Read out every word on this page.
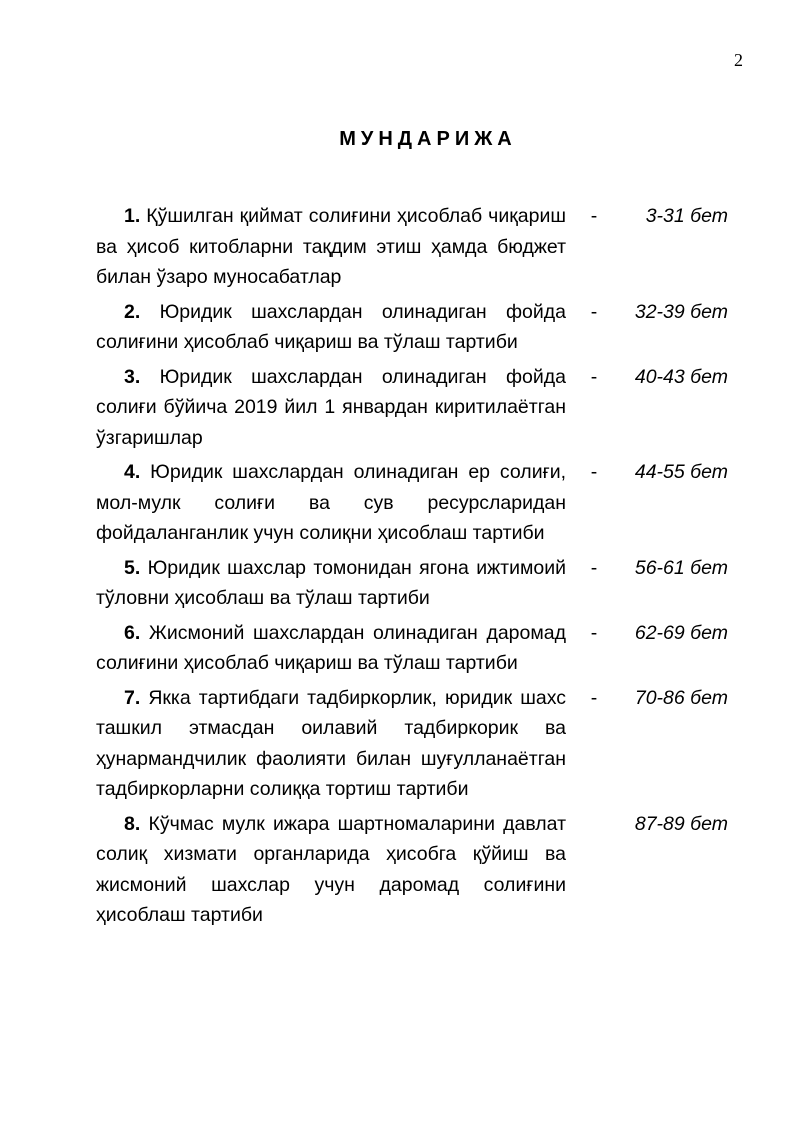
2
МУНДАРИЖА
1. Қўшилган қиймат солиғини ҳисоблаб чиқариш ва ҳисоб китобларни тақдим этиш ҳамда бюджет билан ўзаро муносабатлар
-	3-31 бет
2. Юридик шахслардан олинадиган фойда солиғини ҳисоблаб чиқариш ва тўлаш тартиби
-	32-39 бет
3. Юридик шахслардан олинадиган фойда солиғи бўйича 2019 йил 1 январдан киритилаётган ўзгаришлар
-	40-43 бет
4. Юридик шахслардан олинадиган ер солиғи, мол-мулк солиғи ва сув ресурсларидан фойдаланганлик учун солиқни ҳисоблаш тартиби
-	44-55 бет
5. Юридик шахслар томонидан ягона ижтимоий тўловни ҳисоблаш ва тўлаш тартиби
-	56-61 бет
6. Жисмоний шахслардан олинадиган даромад солиғини ҳисоблаб чиқариш ва тўлаш тартиби
-	62-69 бет
7. Якка тартибдаги тадбиркорлик, юридик шахс ташкил этмасдан оилавий тадбиркорик ва ҳунармандчилик фаолияти билан шуғулланаётган тадбиркорларни солиққа тортиш тартиби
-	70-86 бет
8. Кўчмас мулк ижара шартномаларини давлат солиқ хизмати органларида ҳисобга қўйиш ва жисмоний шахслар учун даромад солиғини ҳисоблаш тартиби
87-89 бет
